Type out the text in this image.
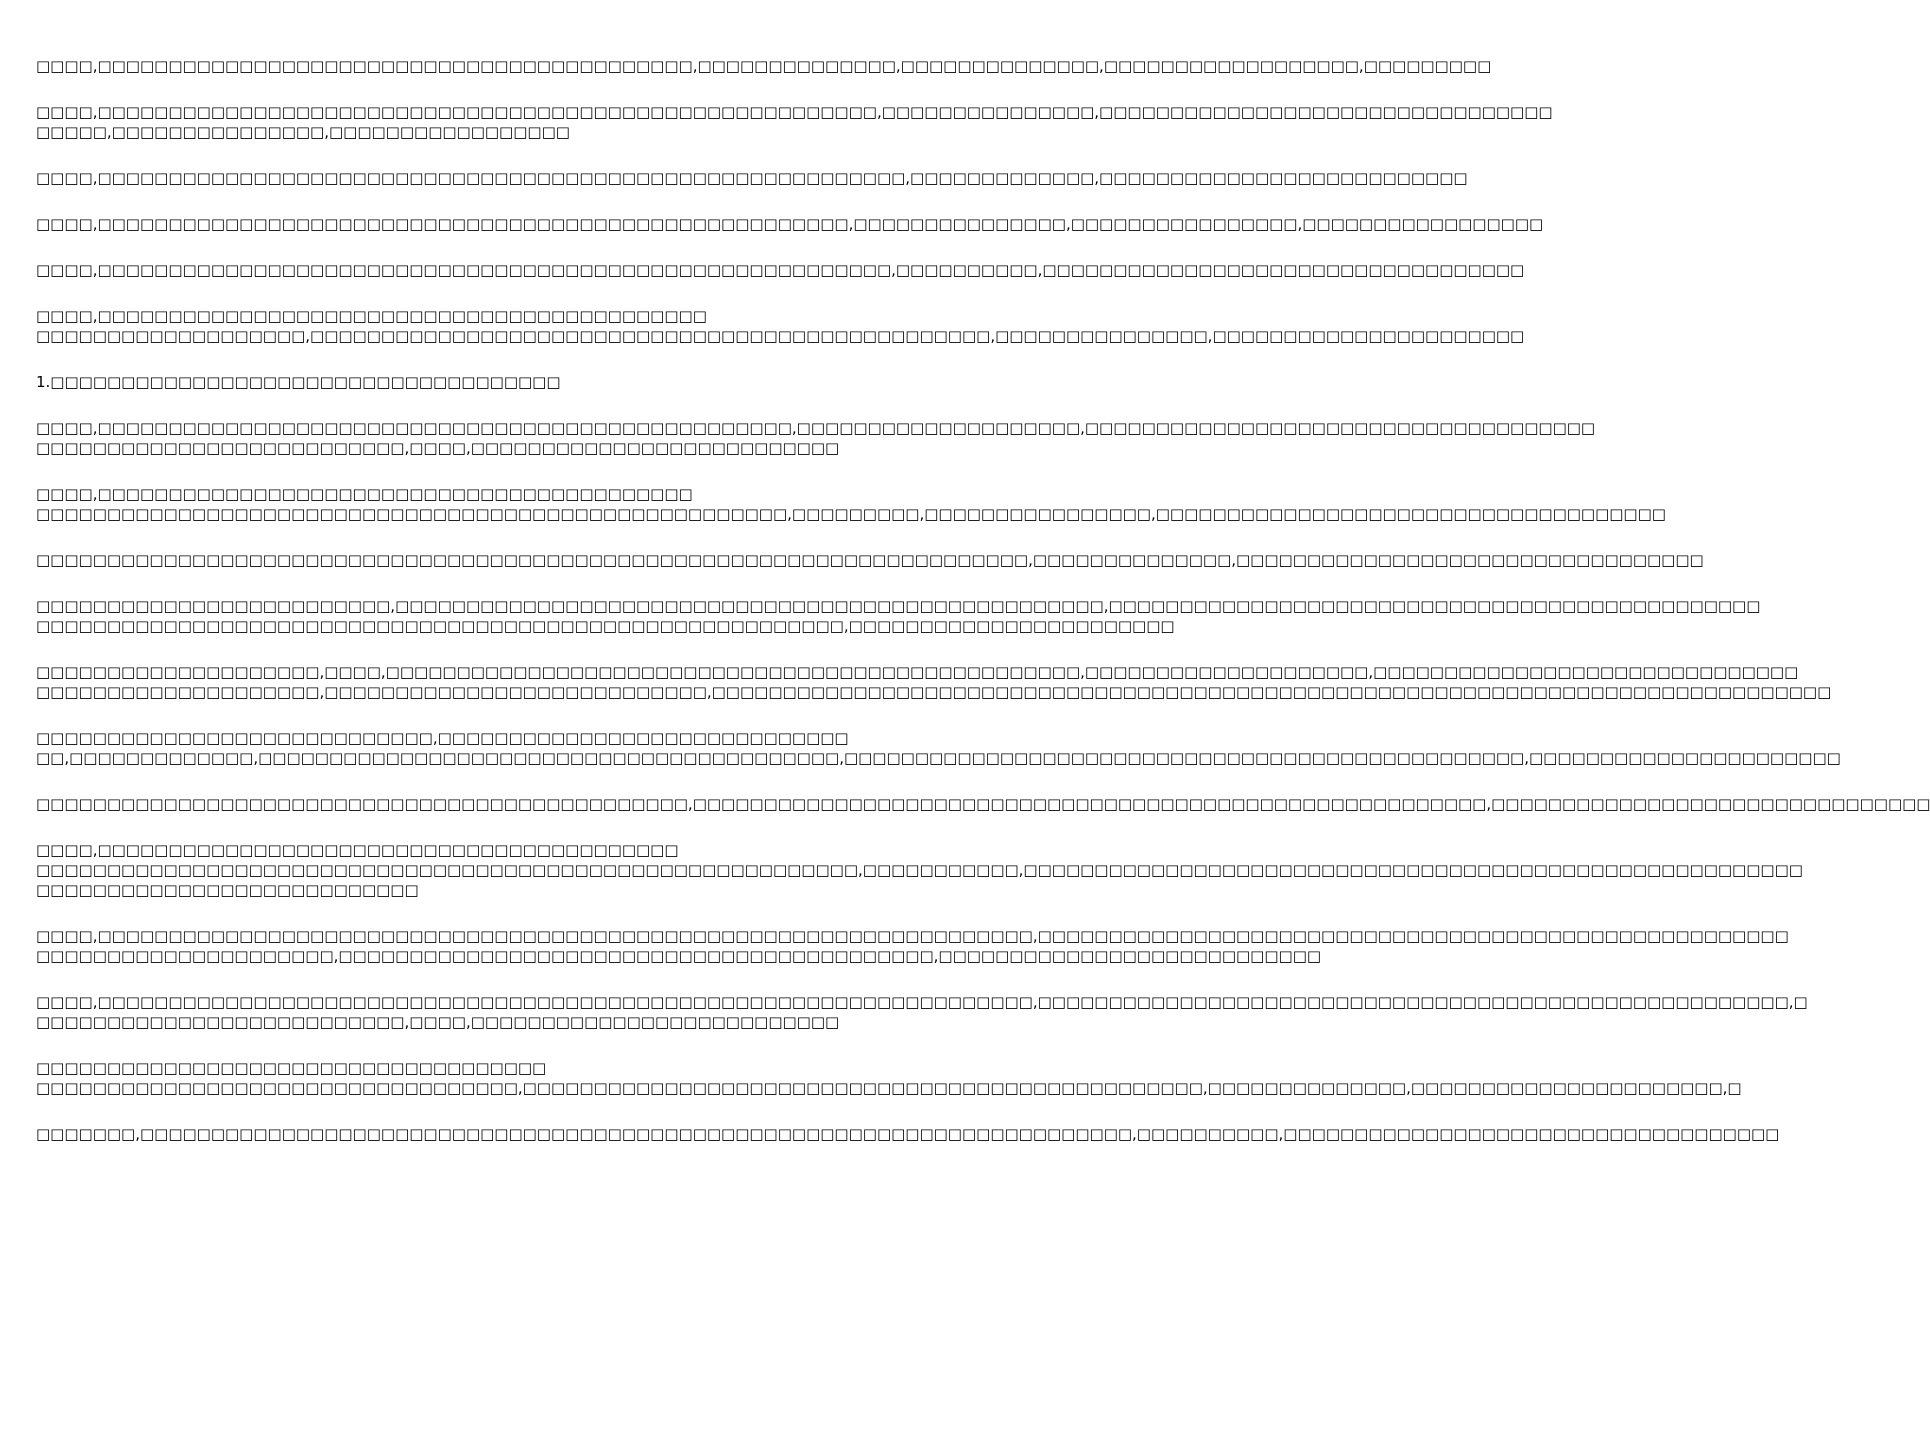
□□□□,□□□□□□□□□□□□□□□□□□□□□□□□□□□□□□□□□□□□□□□□□□,□□□□□□□□□□□□□□,□□□□□□□□□□□□□□,□□□□□□□□□□□□□□□□□□,□□□□□□□□□
□□□□,□□□□□□□□□□□□□□□□□□□□□□□□□□□□□□□□□□□□□□□□□□□□□□□□□□□□□□□,□□□□□□□□□□□□□□□,□□□□□□□□□□□□□□□□□□□□□□□□□□□□□□□□
□□□□□,□□□□□□□□□□□□□□□,□□□□□□□□□□□□□□□□□
□□□□,□□□□□□□□□□□□□□□□□□□□□□□□□□□□□□□□□□□□□□□□□□□□□□□□□□□□□□□□□,□□□□□□□□□□□□□,□□□□□□□□□□□□□□□□□□□□□□□□□□
□□□□,□□□□□□□□□□□□□□□□□□□□□□□□□□□□□□□□□□□□□□□□□□□□□□□□□□□□□,□□□□□□□□□□□□□□□,□□□□□□□□□□□□□□□□,□□□□□□□□□□□□□□□□□
□□□□,□□□□□□□□□□□□□□□□□□□□□□□□□□□□□□□□□□□□□□□□□□□□□□□□□□□□□□□□,□□□□□□□□□□,□□□□□□□□□□□□□□□□□□□□□□□□□□□□□□□□□□
□□□□,□□□□□□□□□□□□□□□□□□□□□□□□□□□□□□□□□□□□□□□□□□□
□□□□□□□□□□□□□□□□□□□,□□□□□□□□□□□□□□□□□□□□□□□□□□□□□□□□□□□□□□□□□□□□□□□□,□□□□□□□□□□□□□□□,□□□□□□□□□□□□□□□□□□□□□□
1.□□□□□□□□□□□□□□□□□□□□□□□□□□□□□□□□□□□□
□□□□,□□□□□□□□□□□□□□□□□□□□□□□□□□□□□□□□□□□□□□□□□□□□□□□□□,□□□□□□□□□□□□□□□□□□□□,□□□□□□□□□□□□□□□□□□□□□□□□□□□□□□□□□□□□
□□□□□□□□□□□□□□□□□□□□□□□□□□,□□□□,□□□□□□□□□□□□□□□□□□□□□□□□□□
□□□□,□□□□□□□□□□□□□□□□□□□□□□□□□□□□□□□□□□□□□□□□□□
□□□□□□□□□□□□□□□□□□□□□□□□□□□□□□□□□□□□□□□□□□□□□□□□□□□□□,□□□□□□□□□,□□□□□□□□□□□□□□□□,□□□□□□□□□□□□□□□□□□□□□□□□□□□□□□□□□□□□
□□□□□□□□□□□□□□□□□□□□□□□□□□□□□□□□□□□□□□□□□□□□□□□□□□□□□□□□□□□□□□□□□□□□□□,□□□□□□□□□□□□□□,□□□□□□□□□□□□□□□□□□□□□□□□□□□□□□□□□
□□□□□□□□□□□□□□□□□□□□□□□□□,□□□□□□□□□□□□□□□□□□□□□□□□□□□□□□□□□□□□□□□□□□□□□□□□□□,□□□□□□□□□□□□□□□□□□□□□□□□□□□□□□□□□□□□□□□□□□□□□□
□□□□□□□□□□□□□□□□□□□□□□□□□□□□□□□□□□□□□□□□□□□□□□□□□□□□□□□□□,□□□□□□□□□□□□□□□□□□□□□□□
□□□□□□□□□□□□□□□□□□□□,□□□□,□□□□□□□□□□□□□□□□□□□□□□□□□□□□□□□□□□□□□□□□□□□□□□□□□,□□□□□□□□□□□□□□□□□□□□,□□□□□□□□□□□□□□□□□□□□□□□□□□□□□□
□□□□□□□□□□□□□□□□□□□□,□□□□□□□□□□□□□□□□□□□□□□□□□□□,□□□□□□□□□□□□□□□□□□□□□□□□□□□□□□□□□□□□□□□□□□□□□□□□□□□□□□□□□□□□□□□□□□□□□□□□□□□□□□□
□□□□□□□□□□□□□□□□□□□□□□□□□□□□,□□□□□□□□□□□□□□□□□□□□□□□□□□□□□
□□,□□□□□□□□□□□□□,□□□□□□□□□□□□□□□□□□□□□□□□□□□□□□□□□□□□□□□□□,□□□□□□□□□□□□□□□□□□□□□□□□□□□□□□□□□□□□□□□□□□□□□□□□,□□□□□□□□□□□□□□□□□□□□□□
□□□□□□□□□□□□□□□□□□□□□□□□□□□□□□□□□□□□□□□□□□□□□□,□□□□□□□□□□□□□□□□□□□□□□□□□□□□□□□□□□□□□□□□□□□□□□□□□□□□□□□□,□□□□□□□□□□□□□□□□□□□□□□□□□□□□□□□
□□□□,□□□□□□□□□□□□□□□□□□□□□□□□□□□□□□□□□□□□□□□□□
□□□□□□□□□□□□□□□□□□□□□□□□□□□□□□□□□□□□□□□□□□□□□□□□□□□□□□□□□□,□□□□□□□□□□□,□□□□□□□□□□□□□□□□□□□□□□□□□□□□□□□□□□□□□□□□□□□□□□□□□□□□□□□
□□□□□□□□□□□□□□□□□□□□□□□□□□□
□□□□,□□□□□□□□□□□□□□□□□□□□□□□□□□□□□□□□□□□□□□□□□□□□□□□□□□□□□□□□□□□□□□□□□□,□□□□□□□□□□□□□□□□□□□□□□□□□□□□□□□□□□□□□□□□□□□□□□□□□□□□□
□□□□□□□□□□□□□□□□□□□□□,□□□□□□□□□□□□□□□□□□□□□□□□□□□□□□□□□□□□□□□□□□,□□□□□□□□□□□□□□□□□□□□□□□□□□□
□□□□,□□□□□□□□□□□□□□□□□□□□□□□□□□□□□□□□□□□□□□□□□□□□□□□□□□□□□□□□□□□□□□□□□□,□□□□□□□□□□□□□□□□□□□□□□□□□□□□□□□□□□□□□□□□□□□□□□□□□□□□□,□
□□□□□□□□□□□□□□□□□□□□□□□□□□,□□□□,□□□□□□□□□□□□□□□□□□□□□□□□□□
□□□□□□□□□□□□□□□□□□□□□□□□□□□□□□□□□□□□
□□□□□□□□□□□□□□□□□□□□□□□□□□□□□□□□□□,□□□□□□□□□□□□□□□□□□□□□□□□□□□□□□□□□□□□□□□□□□□□□□□□,□□□□□□□□□□□□□□,□□□□□□□□□□□□□□□□□□□□□□,□
□□□□□□□,□□□□□□□□□□□□□□□□□□□□□□□□□□□□□□□□□□□□□□□□□□□□□□□□□□□□□□□□□□□□□□□□□□□□□□,□□□□□□□□□□,□□□□□□□□□□□□□□□□□□□□□□□□□□□□□□□□□□□
